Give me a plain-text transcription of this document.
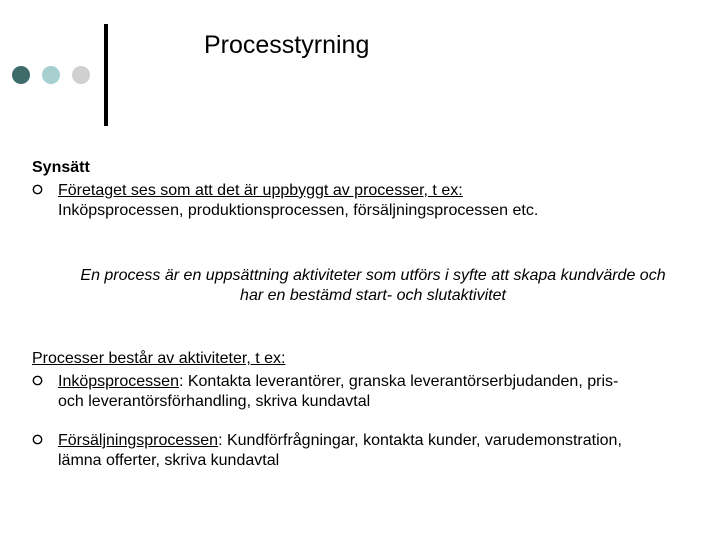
Processtyrning
Synsätt
Företaget ses som att det är uppbyggt av processer, t ex:
Inköpsprocessen, produktionsprocessen, försäljningsprocessen etc.
En process är en uppsättning aktiviteter som utförs i syfte att skapa kundvärde och
har en bestämd start- och slutaktivitet
Processer består av aktiviteter, t ex:
Inköpsprocessen: Kontakta leverantörer, granska leverantörserbjudanden, pris-
och leverantörsförhandling, skriva kundavtal
Försäljningsprocessen: Kundförfrågningar, kontakta kunder, varudemonstration,
lämna offerter, skriva kundavtal
